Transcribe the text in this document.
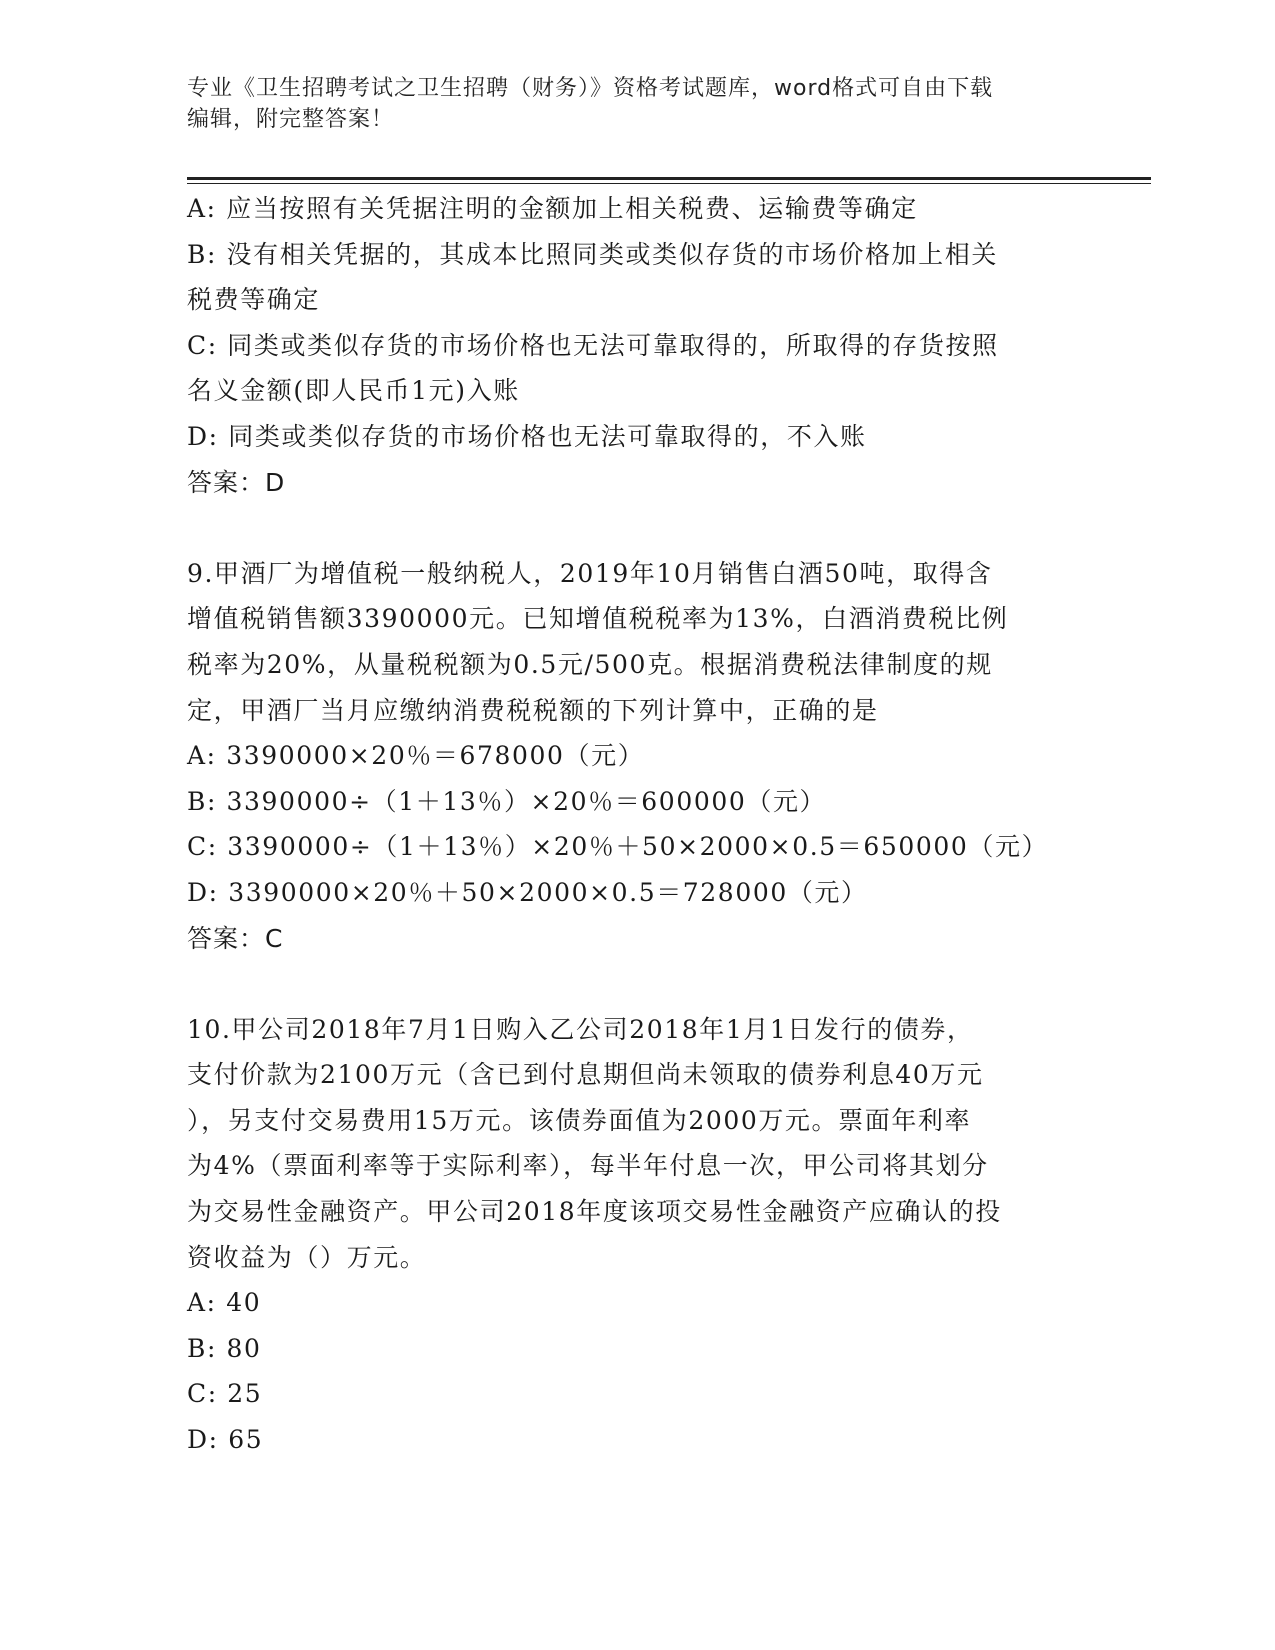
专业《卫生招聘考试之卫生招聘（财务）》资格考试题库，word格式可自由下载
编辑，附完整答案！
A: 应当按照有关凭据注明的金额加上相关税费、运输费等确定
B: 没有相关凭据的，其成本比照同类或类似存货的市场价格加上相关
税费等确定
C: 同类或类似存货的市场价格也无法可靠取得的，所取得的存货按照
名义金额(即人民币1元)入账
D: 同类或类似存货的市场价格也无法可靠取得的，不入账
答案：D
9.甲酒厂为增值税一般纳税人，2019年10月销售白酒50吨，取得含
增值税销售额3390000元。已知增值税税率为13%，白酒消费税比例
税率为20%，从量税税额为0.5元/500克。根据消费税法律制度的规
定，甲酒厂当月应缴纳消费税税额的下列计算中，正确的是
A: 3390000×20％＝678000（元）
B: 3390000÷（1＋13％）×20％＝600000（元）
C: 3390000÷（1＋13％）×20％＋50×2000×0.5＝650000（元）
D: 3390000×20％＋50×2000×0.5＝728000（元）
答案：C
10.甲公司2018年7月1日购入乙公司2018年1月1日发行的债券，
支付价款为2100万元（含已到付息期但尚未领取的债券利息40万元
），另支付交易费用15万元。该债券面值为2000万元。票面年利率
为4%（票面利率等于实际利率），每半年付息一次，甲公司将其划分
为交易性金融资产。甲公司2018年度该项交易性金融资产应确认的投
资收益为（）万元。
A: 40
B: 80
C: 25
D: 65
